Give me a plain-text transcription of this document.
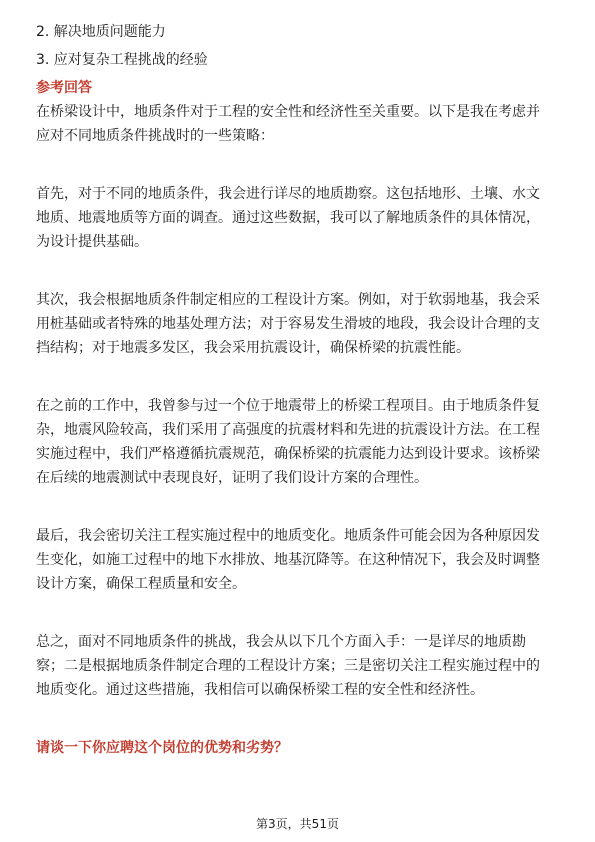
2. 解决地质问题能力

3. 应对复杂工程挑战的经验

参考回答

在桥梁设计中，地质条件对于工程的安全性和经济性至关重要。以下是我在考虑并

应对不同地质条件挑战时的一些策略：

首先，对于不同的地质条件，我会进行详尽的地质勘察。这包括地形、土壤、水文

地质、地震地质等方面的调查。通过这些数据，我可以了解地质条件的具体情况，

为设计提供基础。

其次，我会根据地质条件制定相应的工程设计方案。例如，对于软弱地基，我会采

用桩基础或者特殊的地基处理方法；对于容易发生滑坡的地段，我会设计合理的支

挡结构；对于地震多发区，我会采用抗震设计，确保桥梁的抗震性能。

在之前的工作中，我曾参与过一个位于地震带上的桥梁工程项目。由于地质条件复

杂，地震风险较高，我们采用了高强度的抗震材料和先进的抗震设计方法。在工程

实施过程中，我们严格遵循抗震规范，确保桥梁的抗震能力达到设计要求。该桥梁

在后续的地震测试中表现良好，证明了我们设计方案的合理性。

最后，我会密切关注工程实施过程中的地质变化。地质条件可能会因为各种原因发

生变化，如施工过程中的地下水排放、地基沉降等。在这种情况下，我会及时调整

设计方案，确保工程质量和安全。

总之，面对不同地质条件的挑战，我会从以下几个方面入手：一是详尽的地质勘

察；二是根据地质条件制定合理的工程设计方案；三是密切关注工程实施过程中的

地质变化。通过这些措施，我相信可以确保桥梁工程的安全性和经济性。

请谈一下你应聘这个岗位的优势和劣势？

第3页，共51页
